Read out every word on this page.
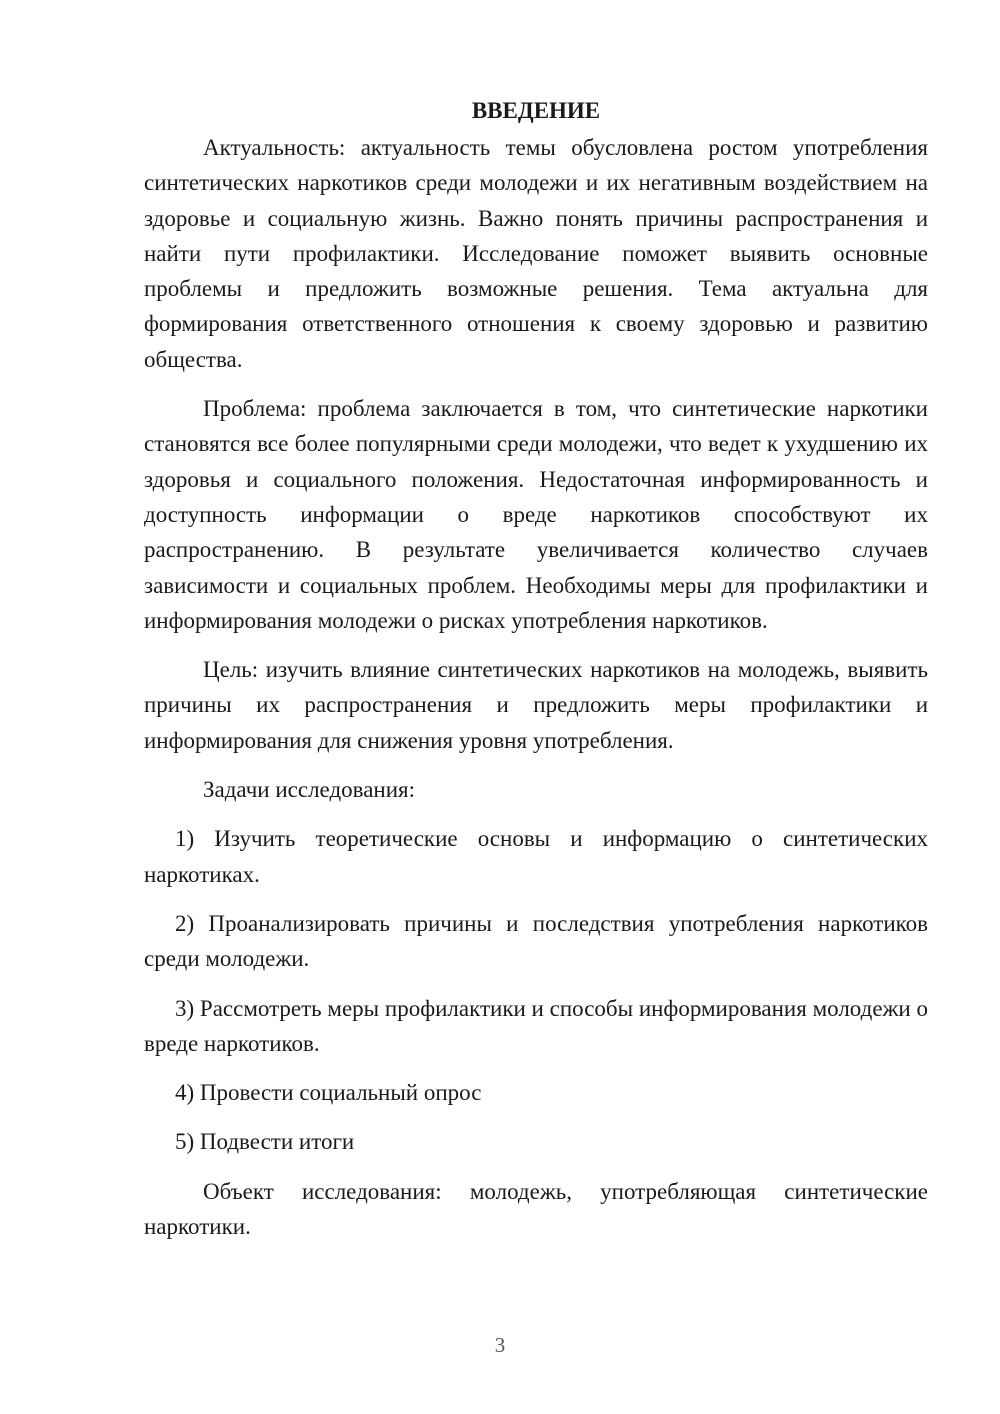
ВВЕДЕНИЕ

Актуальность: актуальность темы обусловлена ростом употребления синтетических наркотиков среди молодежи и их негативным воздействием на здоровье и социальную жизнь. Важно понять причины распространения и найти пути профилактики. Исследование поможет выявить основные проблемы и предложить возможные решения. Тема актуальна для формирования ответственного отношения к своему здоровью и развитию общества.

Проблема: проблема заключается в том, что синтетические наркотики становятся все более популярными среди молодежи, что ведет к ухудшению их здоровья и социального положения. Недостаточная информированность и доступность информации о вреде наркотиков способствуют их распространению. В результате увеличивается количество случаев зависимости и социальных проблем. Необходимы меры для профилактики и информирования молодежи о рисках употребления наркотиков.

Цель: изучить влияние синтетических наркотиков на молодежь, выявить причины их распространения и предложить меры профилактики и информирования для снижения уровня употребления.

Задачи исследования:

1) Изучить теоретические основы и информацию о синтетических наркотиках.

2) Проанализировать причины и последствия употребления наркотиков среди молодежи.

3) Рассмотреть меры профилактики и способы информирования молодежи о вреде наркотиков.

4) Провести социальный опрос

5) Подвести итоги

Объект исследования: молодежь, употребляющая синтетические наркотики.

3
